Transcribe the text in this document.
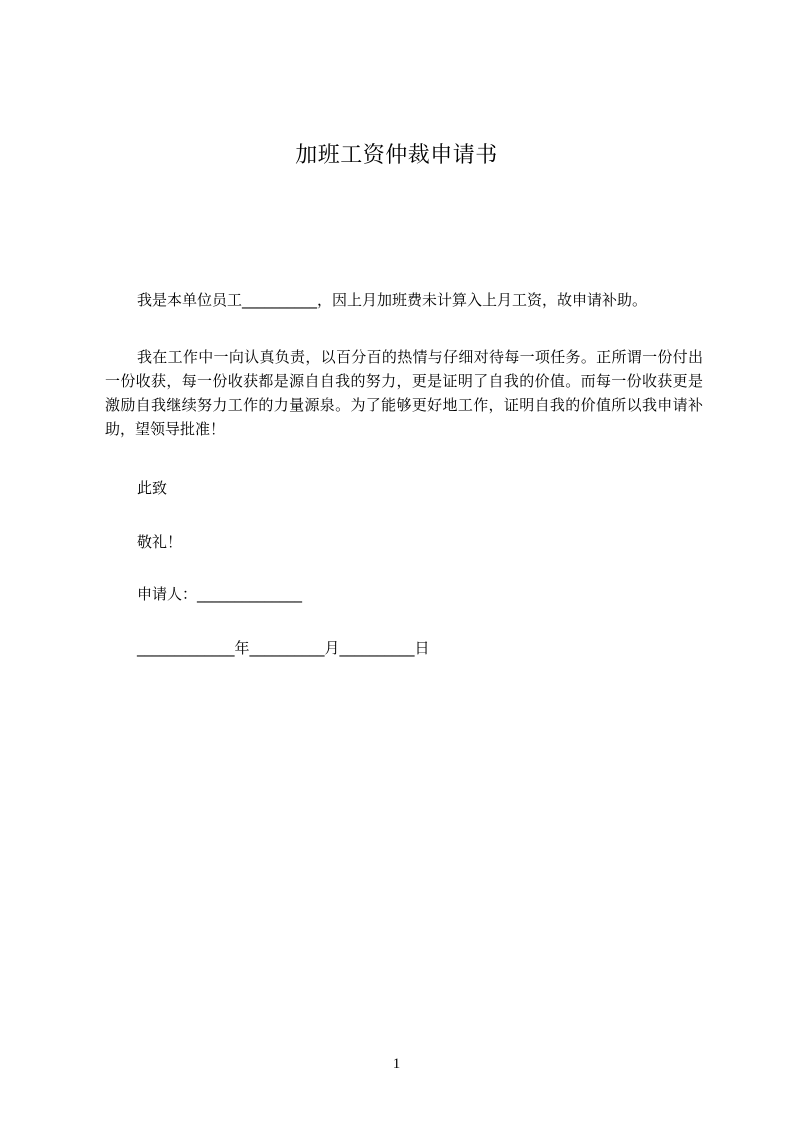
加班工资仲裁申请书
我是本单位员工__________，因上月加班费未计算入上月工资，故申请补助。
我在工作中一向认真负责，以百分百的热情与仔细对待每一项任务。正所谓一份付出一份收获，每一份收获都是源自自我的努力，更是证明了自我的价值。而每一份收获更是激励自我继续努力工作的力量源泉。为了能够更好地工作，证明自我的价值所以我申请补助，望领导批准！
此致
敬礼！
申请人：______________
_____________年__________月__________日
1
